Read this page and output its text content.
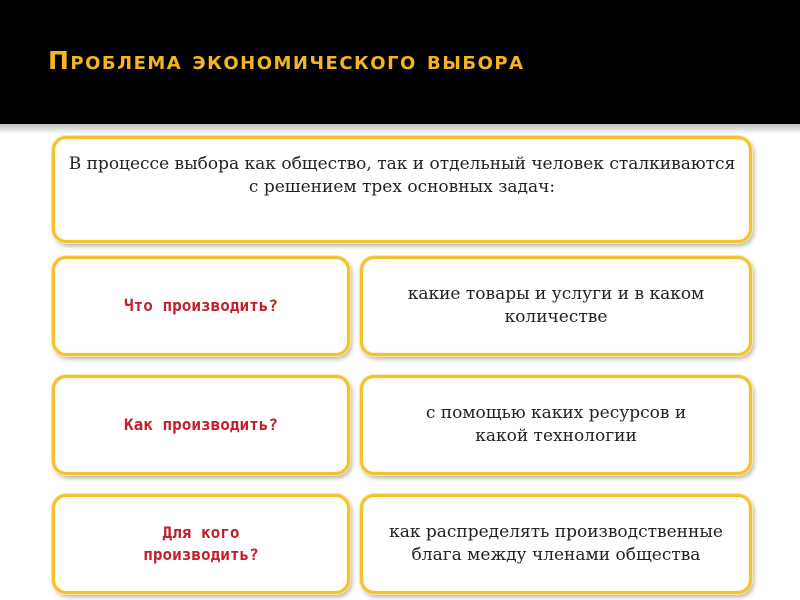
Проблема экономического выбора
В процессе выбора как общество, так и отдельный человек сталкиваются с решением трех основных задач:
Что производить?
какие товары и услуги и в каком количестве
Как производить?
с помощью каких ресурсов и какой технологии
Для кого производить?
как распределять производственные блага между членами общества
